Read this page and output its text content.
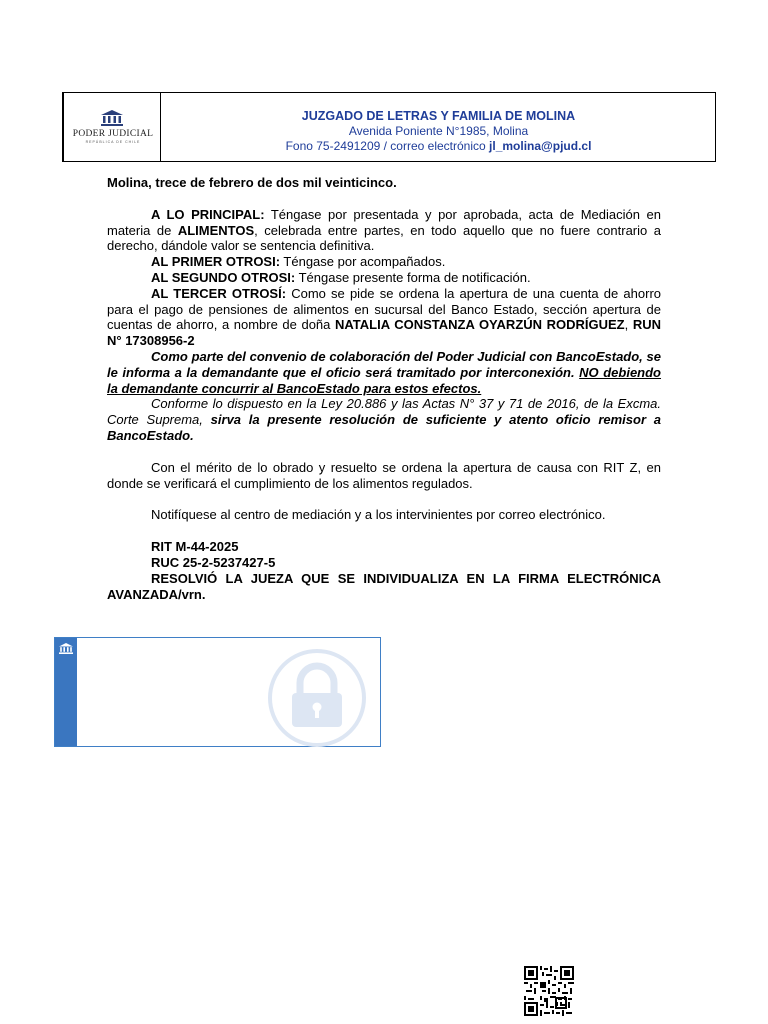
PODER JUDICIAL
REPÚBLICA DE CHILE
JUZGADO DE LETRAS Y FAMILIA DE MOLINA
Avenida Poniente N°1985, Molina
Fono 75-2491209 / correo electrónico jl_molina@pjud.cl

Molina, trece de febrero de dos mil veinticinco.

A LO PRINCIPAL: Téngase por presentada y por aprobada, acta de Mediación en materia de ALIMENTOS, celebrada entre partes, en todo aquello que no fuere contrario a derecho, dándole valor se sentencia definitiva.

AL PRIMER OTROSI: Téngase por acompañados.

AL SEGUNDO OTROSI: Téngase presente forma de notificación.

AL TERCER OTROSÍ: Como se pide se ordena la apertura de una cuenta de ahorro para el pago de pensiones de alimentos en sucursal del Banco Estado, sección apertura de cuentas de ahorro, a nombre de doña NATALIA CONSTANZA OYARZÚN RODRÍGUEZ, RUN N° 17308956-2

Como parte del convenio de colaboración del Poder Judicial con BancoEstado, se le informa a la demandante que el oficio será tramitado por interconexión. NO debiendo la demandante concurrir al BancoEstado para estos efectos.

Conforme lo dispuesto en la Ley 20.886 y las Actas N° 37 y 71 de 2016, de la Excma. Corte Suprema, sirva la presente resolución de suficiente y atento oficio remisor a BancoEstado.

Con el mérito de lo obrado y resuelto se ordena la apertura de causa con RIT Z, en donde se verificará el cumplimiento de los alimentos regulados.

Notifíquese al centro de mediación y a los intervinientes por correo electrónico.

RIT M-44-2025

RUC 25-2-5237427-5

RESOLVIÓ LA JUEZA QUE SE INDIVIDUALIZA EN LA FIRMA ELECTRÓNICA AVANZADA/vrn.
